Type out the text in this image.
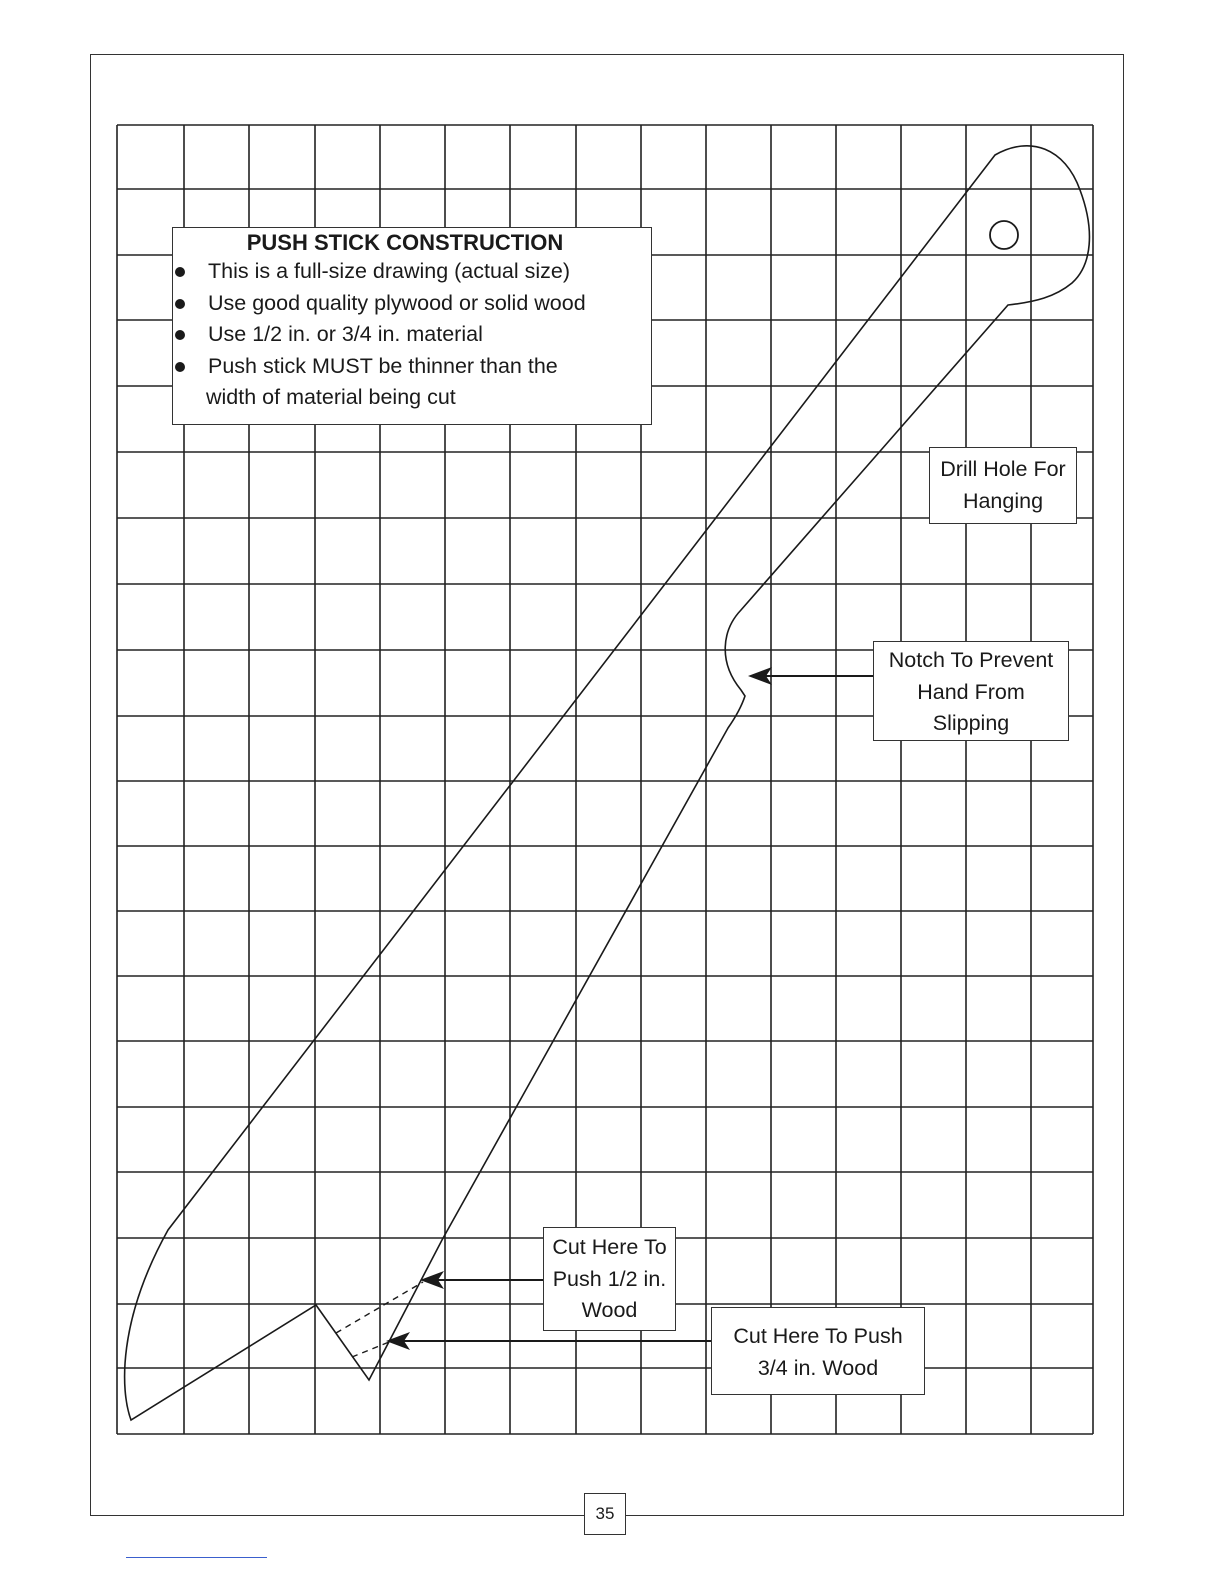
PUSH STICK CONSTRUCTION
This is a full-size drawing (actual size)
Use good quality plywood or solid wood
Use 1/2 in. or 3/4 in. material
Push stick MUST be thinner than the
width of material being cut
Drill Hole For
Hanging
Notch To Prevent
Hand From
Slipping
Cut Here To
Push 1/2 in.
Wood
Cut Here To Push
3/4 in. Wood
35
